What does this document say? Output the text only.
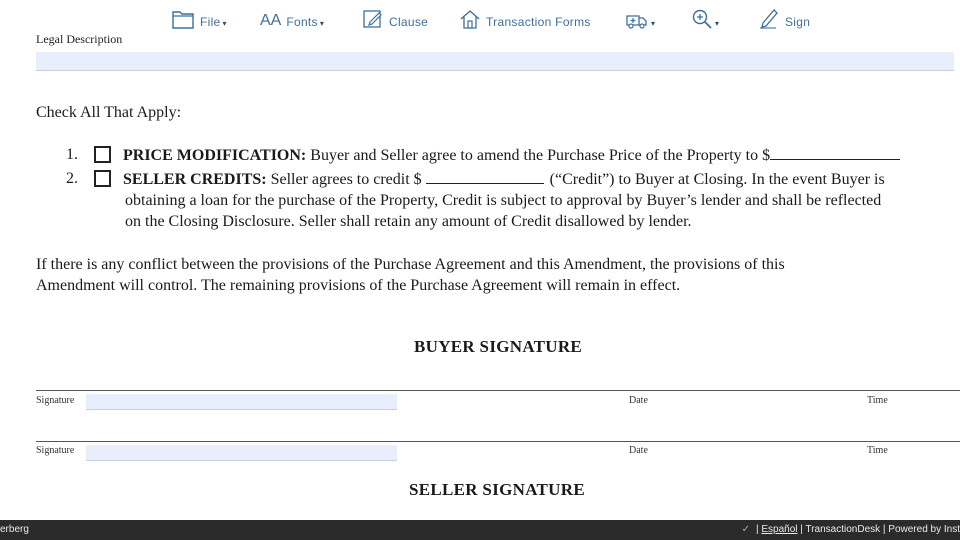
File ▾ AA Fonts ▾	Clause	Transaction Forms	▾	▾	Sign
Legal Description
Check All That Apply:
1.	PRICE MODIFICATION: Buyer and Seller agree to amend the Purchase Price of the Property to $
2.	SELLER CREDITS: Seller agrees to credit $	(“Credit”) to Buyer at Closing. In the event Buyer is
obtaining a loan for the purchase of the Property, Credit is subject to approval by Buyer’s lender and shall be reflected
on the Closing Disclosure. Seller shall retain any amount of Credit disallowed by lender.
If there is any conflict between the provisions of the Purchase Agreement and this Amendment, the provisions of this
Amendment will control. The remaining provisions of the Purchase Agreement will remain in effect.
BUYER SIGNATURE
Signature	Date	Time
Signature	Date	Time
SELLER SIGNATURE
erberg	✓ | Español | TransactionDesk | Powered by Inst
